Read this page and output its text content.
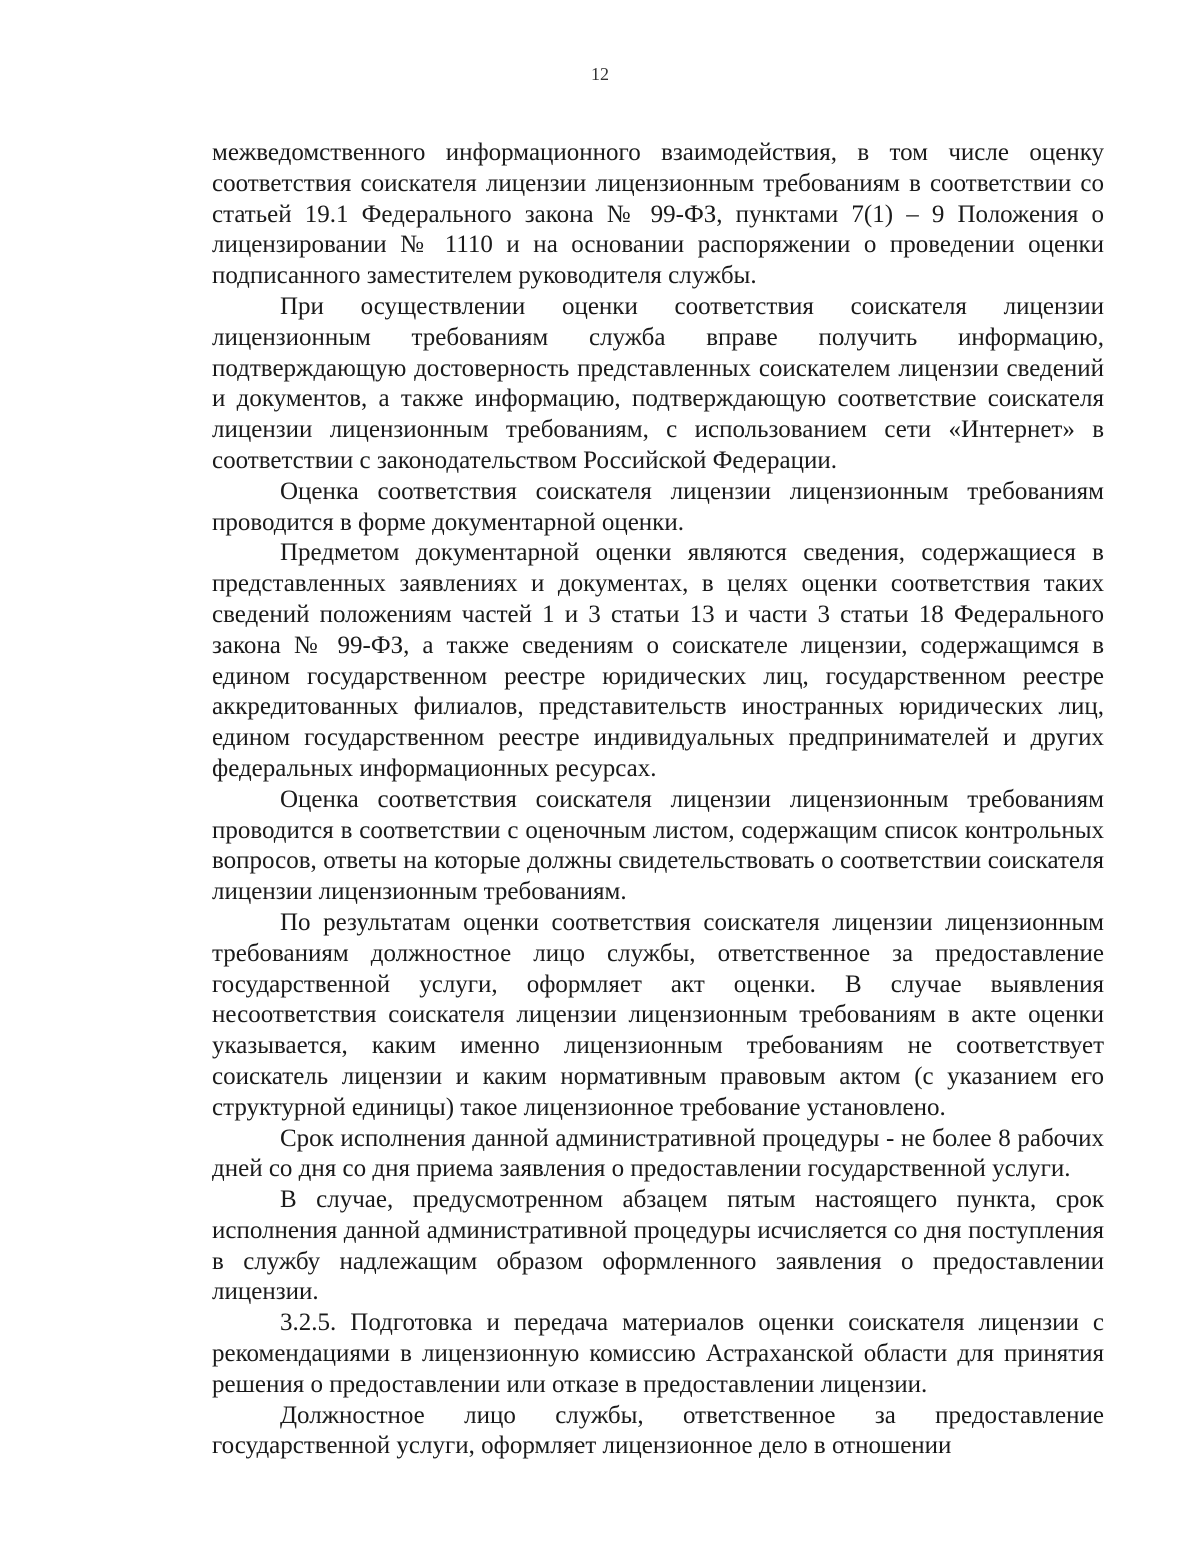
12

межведомственного информационного взаимодействия, в том числе оценку соответствия соискателя лицензии лицензионным требованиям в соответствии со статьей 19.1 Федерального закона № 99-ФЗ, пунктами 7(1) – 9 Положения о лицензировании № 1110 и на основании распоряжении о проведении оценки подписанного заместителем руководителя службы.

При осуществлении оценки соответствия соискателя лицензии лицензионным требованиям служба вправе получить информацию, подтверждающую достоверность представленных соискателем лицензии сведений и документов, а также информацию, подтверждающую соответствие соискателя лицензии лицензионным требованиям, с использованием сети «Интернет» в соответствии с законодательством Российской Федерации.

Оценка соответствия соискателя лицензии лицензионным требованиям проводится в форме документарной оценки.

Предметом документарной оценки являются сведения, содержащиеся в представленных заявлениях и документах, в целях оценки соответствия таких сведений положениям частей 1 и 3 статьи 13 и части 3 статьи 18 Федерального закона № 99-ФЗ, а также сведениям о соискателе лицензии, содержащимся в едином государственном реестре юридических лиц, государственном реестре аккредитованных филиалов, представительств иностранных юридических лиц, едином государственном реестре индивидуальных предпринимателей и других федеральных информационных ресурсах.

Оценка соответствия соискателя лицензии лицензионным требованиям проводится в соответствии с оценочным листом, содержащим список контрольных вопросов, ответы на которые должны свидетельствовать о соответствии соискателя лицензии лицензионным требованиям.

По результатам оценки соответствия соискателя лицензии лицензионным требованиям должностное лицо службы, ответственное за предоставление государственной услуги, оформляет акт оценки. В случае выявления несоответствия соискателя лицензии лицензионным требованиям в акте оценки указывается, каким именно лицензионным требованиям не соответствует соискатель лицензии и каким нормативным правовым актом (с указанием его структурной единицы) такое лицензионное требование установлено.

Срок исполнения данной административной процедуры - не более 8 рабочих дней со дня со дня приема заявления о предоставлении государственной услуги.

В случае, предусмотренном абзацем пятым настоящего пункта, срок исполнения данной административной процедуры исчисляется со дня поступления в службу надлежащим образом оформленного заявления о предоставлении лицензии.

3.2.5. Подготовка и передача материалов оценки соискателя лицензии с рекомендациями в лицензионную комиссию Астраханской области для принятия решения о предоставлении или отказе в предоставлении лицензии.

Должностное лицо службы, ответственное за предоставление государственной услуги, оформляет лицензионное дело в отношении
